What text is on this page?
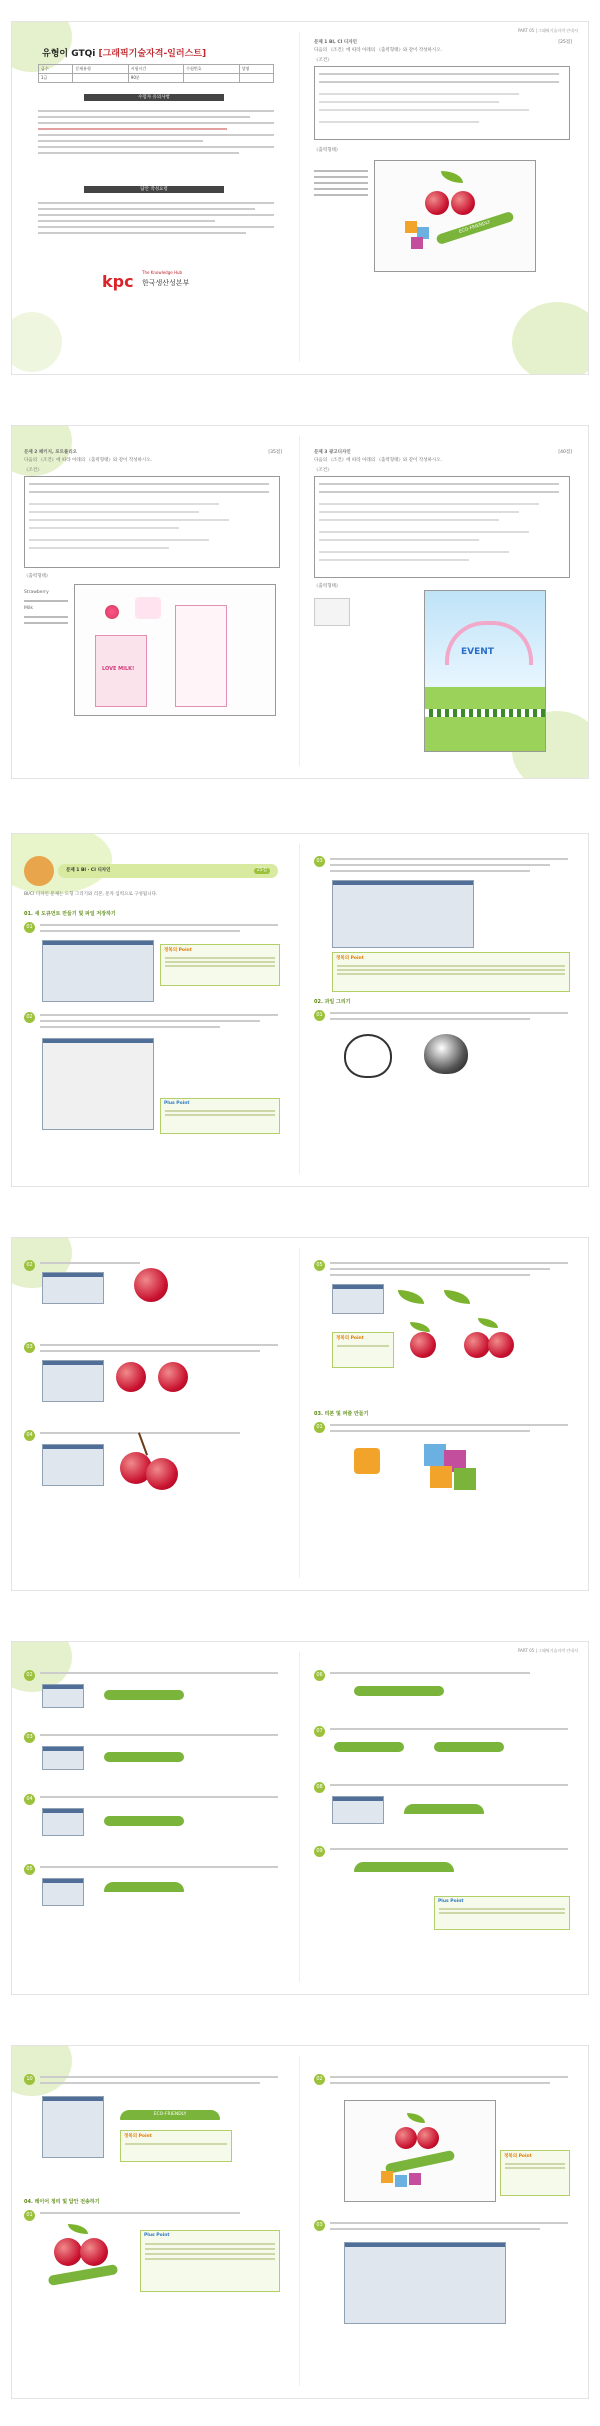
PART 05 | 그래픽기술자격 안내서
유형이 GTQi [그래픽기술자격-일러스트]
급수	문제유형	시험시간	수험번호	성명
1급		90분		
수험자 유의사항
답안 작성요령
kpc The Knowledge Hub
한국생산성본부
문제 1 BI, CI 디자인	[25점]
다음의 《조건》에 따라 아래의 《출력형태》와 같이 작성하시오.
《조건》
《출력형태》
ECO-FRIENDLY
문제 2 패키지, 포트폴리오	[35점]
다음의 《조건》에 따라 아래의 《출력형태》와 같이 작성하시오.
《조건》
《출력형태》
LOVE MILK!
Strawberry
Milk
문제 3 광고디자인	[40점]
다음의 《조건》에 따라 아래의 《출력형태》와 같이 작성하시오.
《조건》
《출력형태》
EVENT
문제 1 BI · CI 디자인	25점
BI/CI 디자인 문제는 도형 그리기와 리본, 문자 입력으로 구성됩니다.
01. 새 도큐먼트 만들기 및 파일 저장하기
01
정복의 Point
02
Plus Point
03
정복의 Point
02. 과일 그리기
01
02
03
04
05
정복의 Point
03. 리본 및 퍼즐 만들기
01
PART 05 | 그래픽기술자격 안내서
02
03
04
05
06
07
08
09
Plus Point
10
ECO-FRIENDLY
정복의 Point
04. 레이어 정리 및 답안 전송하기
01
Plus Point
02
정복의 Point
03
